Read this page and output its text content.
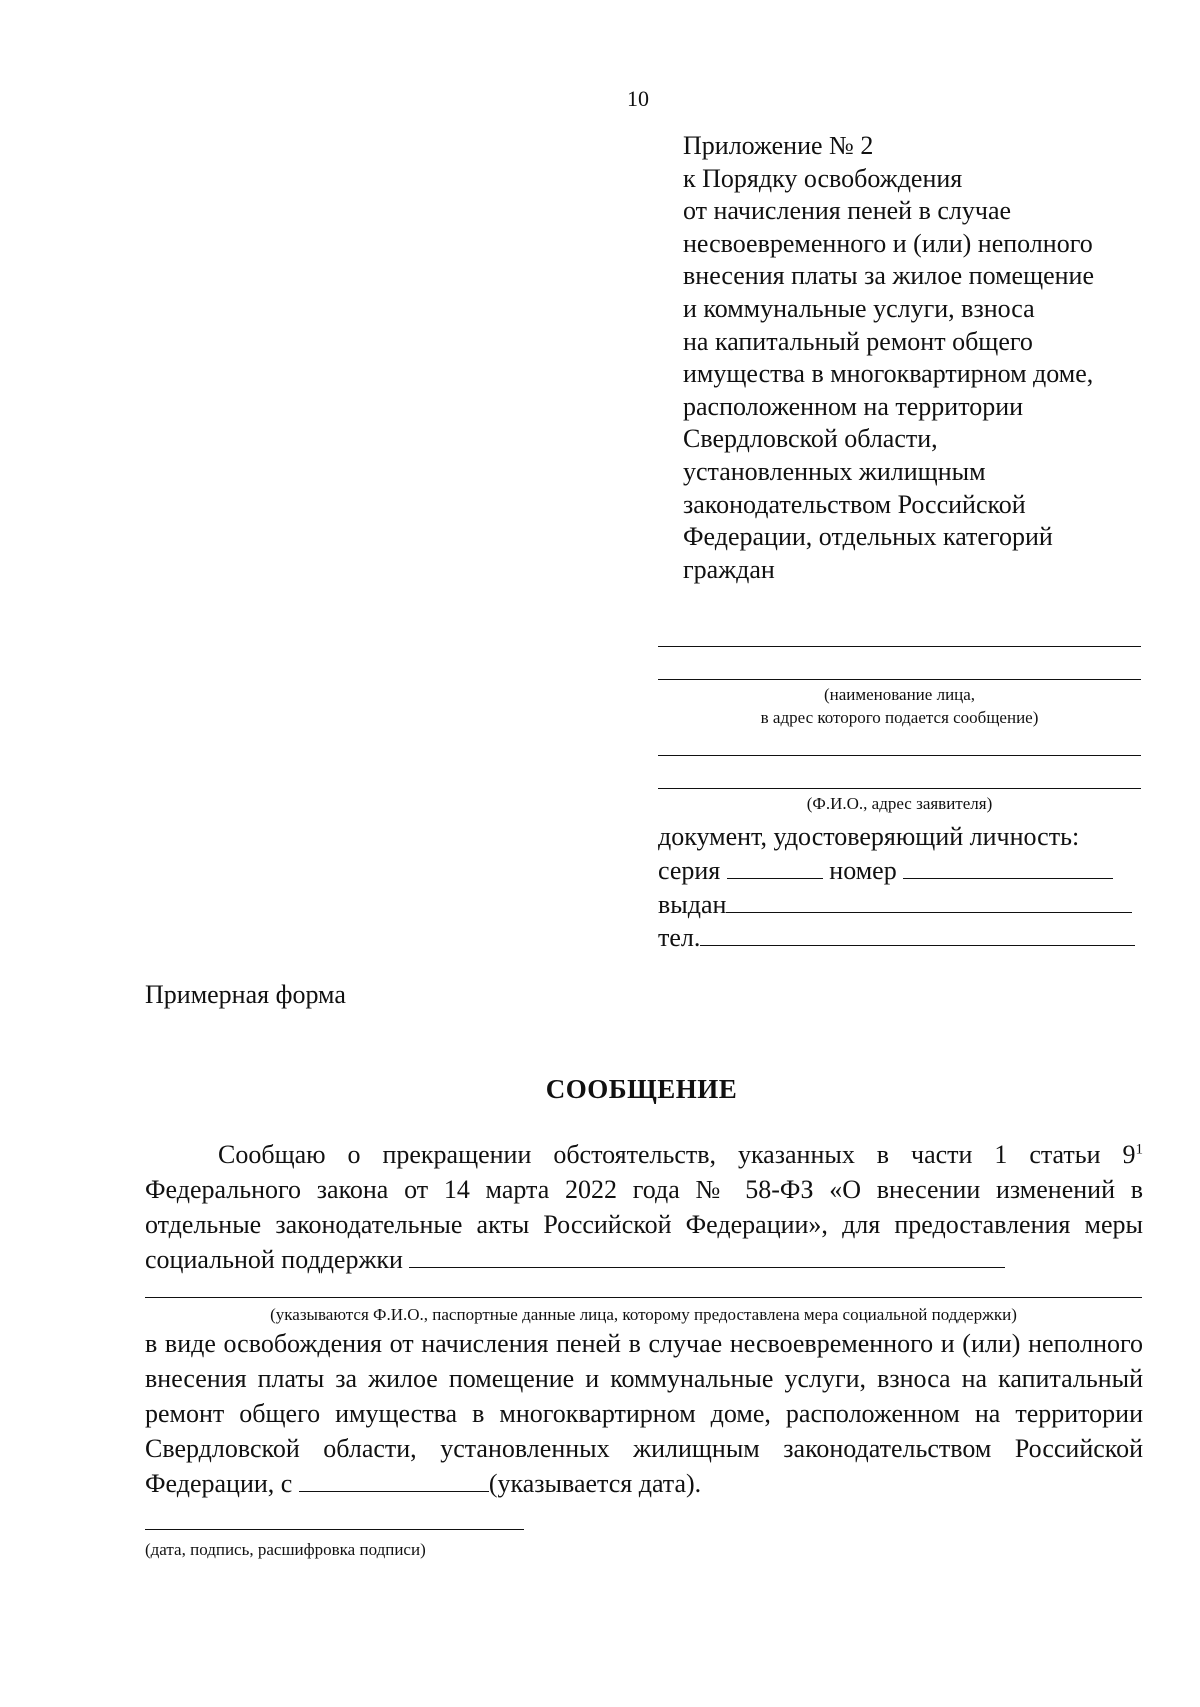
10
Приложение № 2
к Порядку освобождения
от начисления пеней в случае
несвоевременного и (или) неполного
внесения платы за жилое помещение
и коммунальные услуги, взноса
на капитальный ремонт общего
имущества в многоквартирном доме,
расположенном на территории
Свердловской области,
установленных жилищным
законодательством Российской
Федерации, отдельных категорий
граждан
(наименование лица,
в адрес которого подается сообщение)
(Ф.И.О., адрес заявителя)
документ, удостоверяющий личность:
серия	номер
выдан
тел.
Примерная форма
СООБЩЕНИЕ
Сообщаю о прекращении обстоятельств, указанных в части 1 статьи $9^1$ Федерального закона от 14 марта 2022 года № 58-ФЗ «О внесении изменений в отдельные законодательные акты Российской Федерации», для предоставления меры социальной поддержки
(указываются Ф.И.О., паспортные данные лица, которому предоставлена мера социальной поддержки)
в виде освобождения от начисления пеней в случае несвоевременного и (или) неполного внесения платы за жилое помещение и коммунальные услуги, взноса на капитальный ремонт общего имущества в многоквартирном доме, расположенном на территории Свердловской области, установленных жилищным законодательством Российской Федерации, с	(указывается дата).
(дата, подпись, расшифровка подписи)
